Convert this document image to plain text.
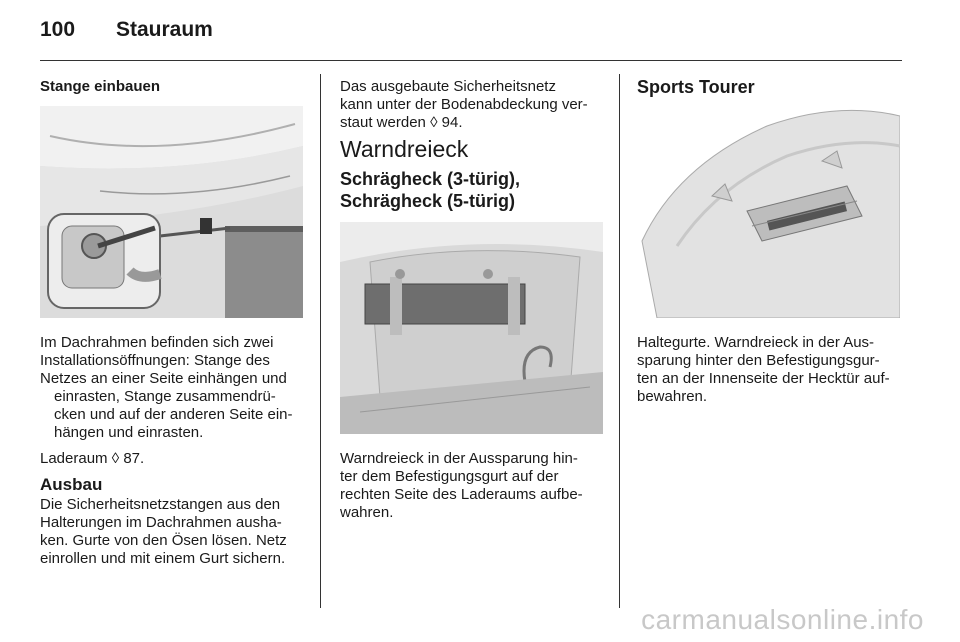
100 Stauraum
Stange einbauen

Im Dachrahmen befinden sich zwei
Installationsöffnungen: Stange des
Netzes an einer Seite einhängen und
einrasten, Stange zusammendrü-
cken und auf der anderen Seite ein-
hängen und einrasten.

Laderaum ◊ 87.

Ausbau

Die Sicherheitsnetzstangen aus den
Halterungen im Dachrahmen ausha-
ken. Gurte von den Ösen lösen. Netz
einrollen und mit einem Gurt sichern.

Das ausgebaute Sicherheitsnetz
kann unter der Bodenabdeckung ver-
staut werden ◊ 94.

Warndreieck
Schrägheck (3-türig),
Schrägheck (5-türig)

Warndreieck in der Aussparung hin-
ter dem Befestigungsgurt auf der
rechten Seite des Laderaums aufbe-
wahren.

Sports Tourer

Haltegurte. Warndreieck in der Aus-
sparung hinter den Befestigungsgur-
ten an der Innenseite der Hecktür auf-
bewahren.

carmanualsonline.info
